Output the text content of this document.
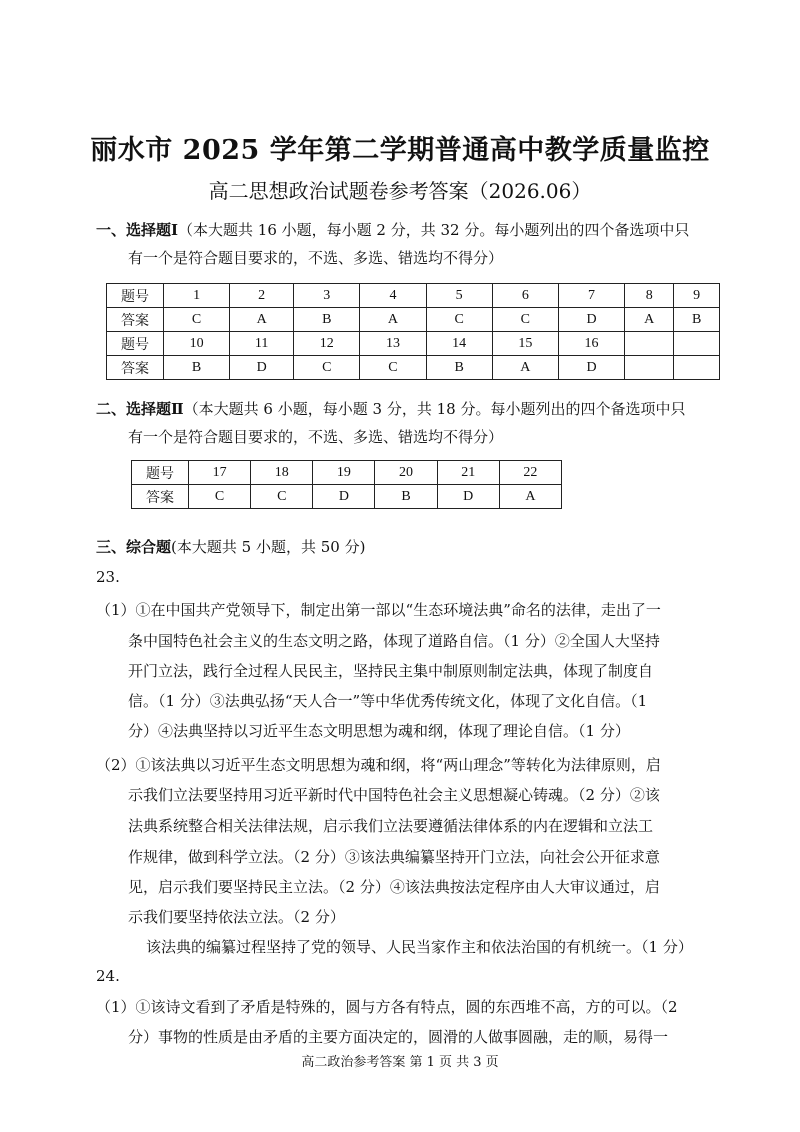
丽水市 2025 学年第二学期普通高中教学质量监控
高二思想政治试题卷参考答案（2026.06）
一、选择题Ⅰ（本大题共 16 小题，每小题 2 分，共 32 分。每小题列出的四个备选项中只
有一个是符合题目要求的，不选、多选、错选均不得分）
题号	1	2	3	4	5	6	7	8	9
答案	C	A	B	A	C	C	D	A	B
题号	10	11	12	13	14	15	16		
答案	B	D	C	C	B	A	D		
二、选择题Ⅱ（本大题共 6 小题，每小题 3 分，共 18 分。每小题列出的四个备选项中只
有一个是符合题目要求的，不选、多选、错选均不得分）
题号	17	18	19	20	21	22
答案	C	C	D	B	D	A
三、综合题(本大题共 5 小题，共 50 分)
23.
（1）①在中国共产党领导下，制定出第一部以“生态环境法典”命名的法律，走出了一
条中国特色社会主义的生态文明之路，体现了道路自信。（1 分）②全国人大坚持
开门立法，践行全过程人民民主，坚持民主集中制原则制定法典，体现了制度自
信。（1 分）③法典弘扬“天人合一”等中华优秀传统文化，体现了文化自信。（1
分）④法典坚持以习近平生态文明思想为魂和纲，体现了理论自信。（1 分）
（2）①该法典以习近平生态文明思想为魂和纲，将“两山理念”等转化为法律原则，启
示我们立法要坚持用习近平新时代中国特色社会主义思想凝心铸魂。（2 分）②该
法典系统整合相关法律法规，启示我们立法要遵循法律体系的内在逻辑和立法工
作规律，做到科学立法。（2 分）③该法典编纂坚持开门立法，向社会公开征求意
见，启示我们要坚持民主立法。（2 分）④该法典按法定程序由人大审议通过，启
示我们要坚持依法立法。（2 分）
该法典的编纂过程坚持了党的领导、人民当家作主和依法治国的有机统一。（1 分）
24.
（1）①该诗文看到了矛盾是特殊的，圆与方各有特点，圆的东西堆不高，方的可以。（2
分）事物的性质是由矛盾的主要方面决定的，圆滑的人做事圆融，走的顺，易得一
高二政治参考答案 第 1 页 共 3 页
